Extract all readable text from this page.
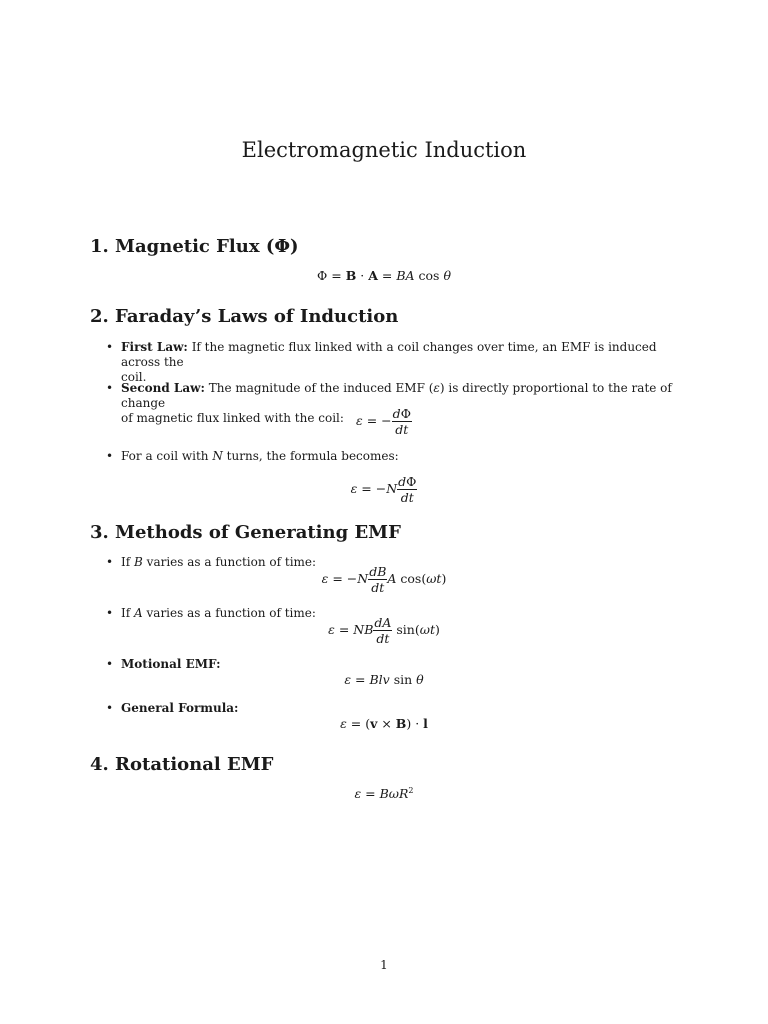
Electromagnetic Induction
1. Magnetic Flux (Φ)
Φ = B · A = BA cos θ
2. Faraday’s Laws of Induction
• First Law: If the magnetic flux linked with a coil changes over time, an EMF is induced across the
coil.
• Second Law: The magnitude of the induced EMF (ε) is directly proportional to the rate of change
of magnetic flux linked with the coil: ε = − $\frac{d\Phi}{dt}$
• For a coil with N turns, the formula becomes:
$\varepsilon = -N \frac{d\Phi}{dt}$
3. Methods of Generating EMF
• If B varies as a function of time:
$\varepsilon = -N \frac{dB}{dt}$ A cos(ωt)
• If A varies as a function of time:
ε = NB $\frac{dA}{dt} \sin(\omega t)$
• Motional EMF:
ε = Blv sin θ
• General Formula:
ε = (v × B) · l
4. Rotational EMF
ε = BωR$^2$
1
